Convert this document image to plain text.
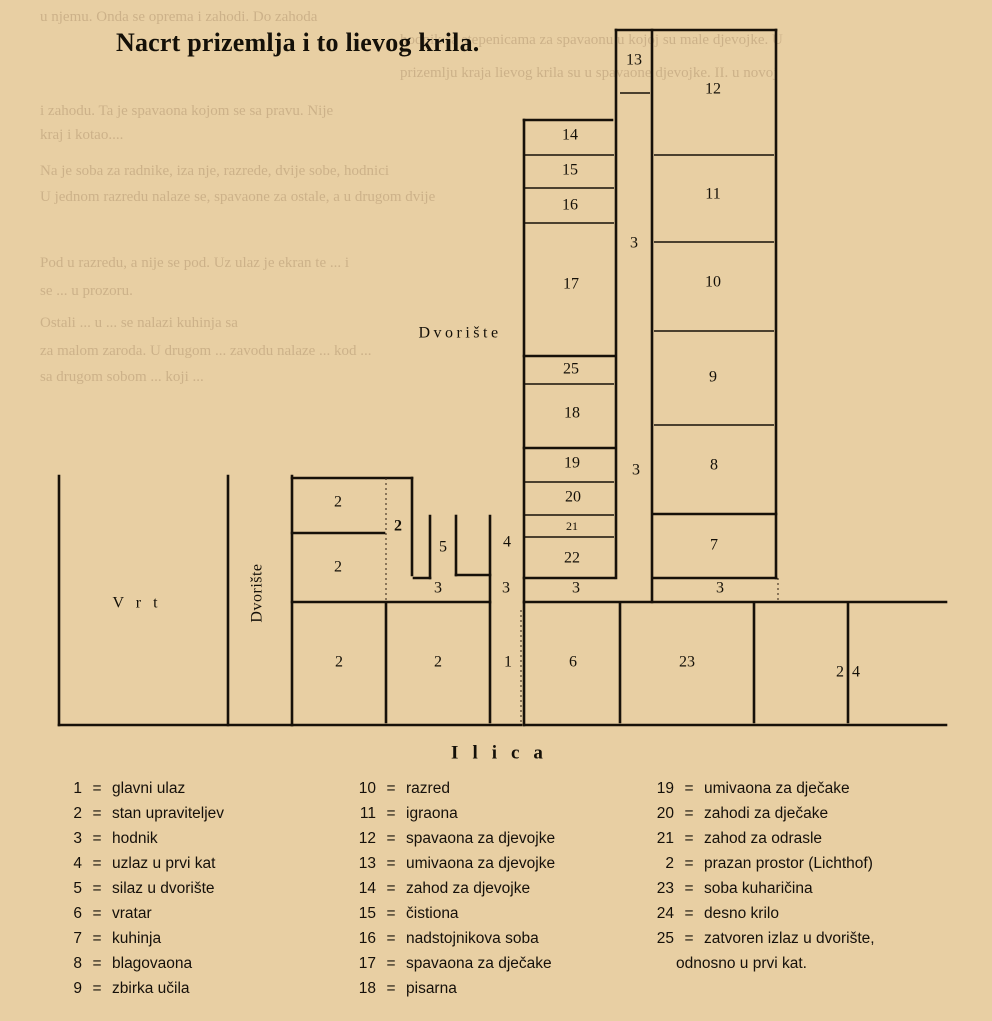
u njemu. Onda se oprema i zahodi. Do zahoda
hodnik sa stepenicama za spavaonu u kojoj su male djevojke. U
prizemlju kraja lievog krila su u spavaone djevojke. II. u novoj
i zahodu. Ta je spavaona kojom se sa pravu. Nije
kraj i kotao....
Na je soba za radnike, iza nje, razrede, dvije sobe, hodnici
U jednom razredu nalaze se, spavaone za ostale, a u drugom dvije
Pod u razredu, a nije se pod. Uz ulaz je ekran te ... i
se ... u prozoru.
Ostali ... u ... se nalazi kuhinja sa
za malom zaroda. U drugom ... zavodu nalaze ... kod ...
sa drugom sobom ... koji ...
Nacrt prizemlja i to lievog krila.
2
2
2
5	4
3	3	3	3
3
3
2	2	1	6	23
2 4
14
15
16
17
25
18
19
20
21
22
13
12
11
10
9
8
7
V r t	Dvorište
Dvorište
Ilica
1 = glavni ulaz
2 = stan upraviteljev
3 = hodnik
4 = uzlaz u prvi kat
5 = silaz u dvorište
6 = vratar
7 = kuhinja
8 = blagovaona
9 = zbirka učila
10 = razred
11 = igraona
12 = spavaona za djevojke
13 = umivaona za djevojke
14 = zahod za djevojke
15 = čistiona
16 = nadstojnikova soba
17 = spavaona za dječake
18 = pisarna
19 = umivaona za dječake
20 = zahodi za dječake
21 = zahod za odrasle
2 = prazan prostor (Lichthof)
23 = soba kuharičina
24 = desno krilo
25 = zatvoren izlaz u dvorište,
odnosno u prvi kat.
